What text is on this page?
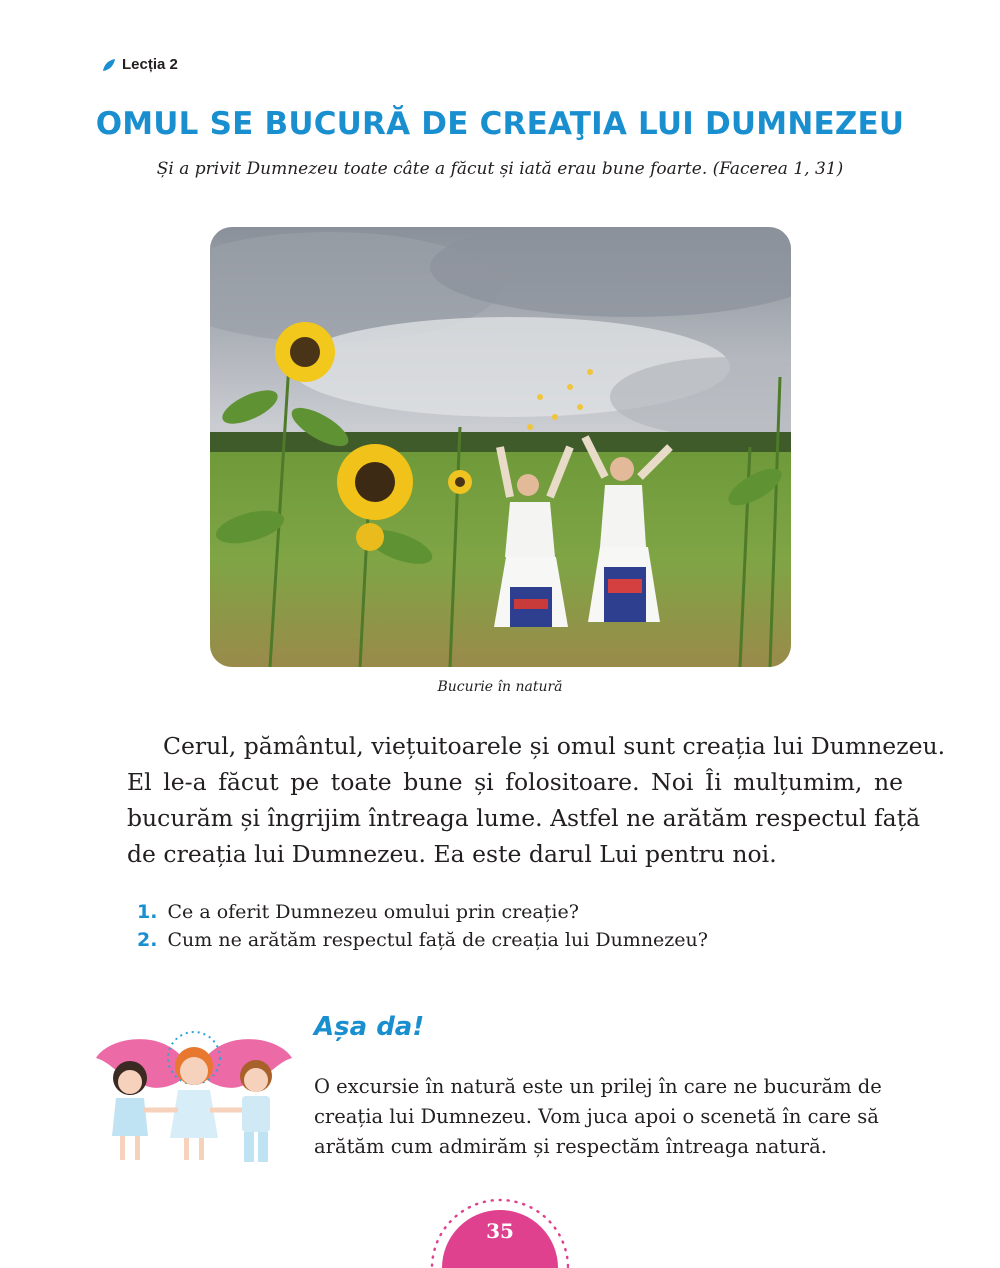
Lecția 2
OMUL SE BUCURĂ DE CREAŢIA LUI DUMNEZEU
Și a privit Dumnezeu toate câte a făcut și iată erau bune foarte. (Facerea 1, 31)
Bucurie în natură
Cerul, pământul, viețuitoarele și omul sunt creația lui Dumnezeu.
El le-a făcut pe toate bune și folositoare. Noi Îi mulțumim, ne
bucurăm și îngrijim întreaga lume. Astfel ne arătăm respectul față
de creația lui Dumnezeu. Ea este darul Lui pentru noi.
1. Ce a oferit Dumnezeu omului prin creație?
2. Cum ne arătăm respectul față de creația lui Dumnezeu?
Așa da!
O excursie în natură este un prilej în care ne bucurăm de
creația lui Dumnezeu. Vom juca apoi o scenetă în care să
arătăm cum admirăm și respectăm întreaga natură.
35
